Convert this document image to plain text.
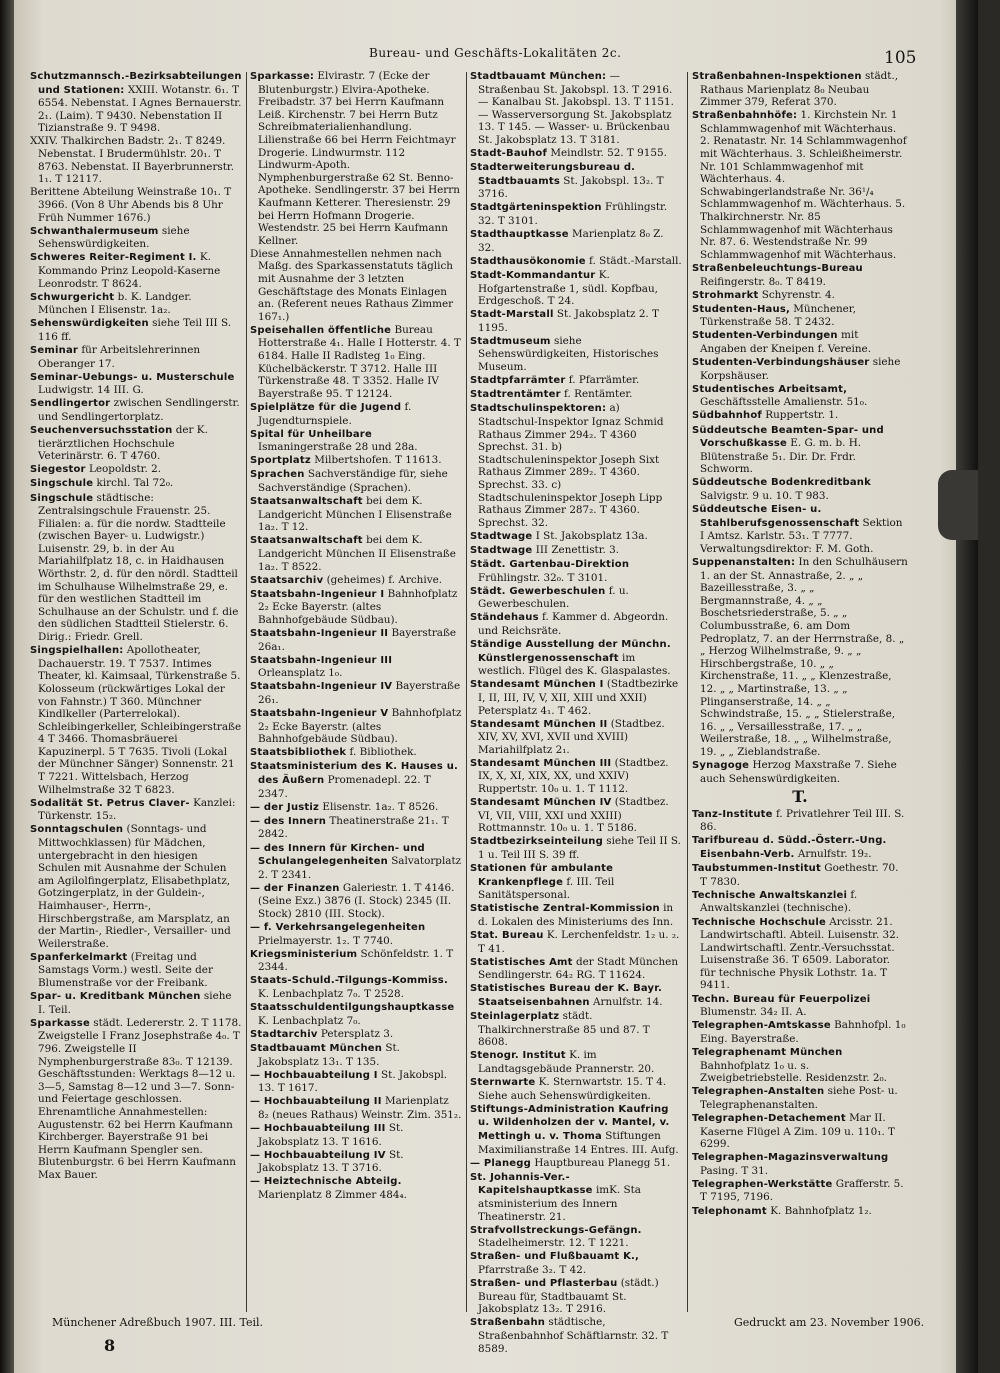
Bureau- und Geschäfts-Lokalitäten 2c.	105
Schutzmannsch.-Bezirksabteilungen und Stationen: XXIII. Wotanstr. 6₁. T 6554. Nebenstat. I Agnes Bernauerstr. 2₁. (Laim). T 9430. Nebenstation II Tizianstraße 9. T 9498.
XXIV. Thalkirchen Badstr. 2₁. T 8249. Nebenstat. I Brudermühlstr. 20₁. T 8763. Nebenstat. II Bayerbrunnerstr. 1₁. T 12117.
Berittene Abteilung Weinstraße 10₁. T 3966. (Von 8 Uhr Abends bis 8 Uhr Früh Nummer 1676.)
Schwanthalermuseum siehe Sehenswürdigkeiten.
Schweres Reiter-Regiment I. K. Kommando Prinz Leopold-Kaserne Leonrodstr. T 8624.
Schwurgericht b. K. Landger. München I Elisenstr. 1a₂.
Sehenswürdigkeiten siehe Teil III S. 116 ff.
Seminar für Arbeitslehrerinnen Oberanger 17.
Seminar-Uebungs- u. Musterschule Ludwigstr. 14 III. G.
Sendlingertor zwischen Sendlingerstr. und Sendlingertorplatz.
Seuchenversuchsstation der K. tierärztlichen Hochschule Veterinärstr. 6. T 4760.
Siegestor Leopoldstr. 2.
Singschule kirchl. Tal 72₀.
Singschule städtische: Zentralsingschule Frauenstr. 25. Filialen: a. für die nordw. Stadtteile (zwischen Bayer- u. Ludwigstr.) Luisenstr. 29, b. in der Au Mariahilfplatz 18, c. in Haidhausen Wörthstr. 2, d. für den nördl. Stadtteil im Schulhause Wilhelmstraße 29, e. für den westlichen Stadtteil im Schulhause an der Schulstr. und f. die den südlichen Stadtteil Stielerstr. 6. Dirig.: Friedr. Grell.
Singspielhallen: Apollotheater, Dachauerstr. 19. T 7537. Intimes Theater, kl. Kaimsaal, Türkenstraße 5. Kolosseum (rückwärtiges Lokal der von Fahnstr.) T 360. Münchner Kindlkeller (Parterrelokal). Schleibingerkeller, Schleibingerstraße 4 T 3466. Thomasbräuerei Kapuzinerpl. 5 T 7635. Tivoli (Lokal der Münchner Sänger) Sonnenstr. 21 T 7221. Wittelsbach, Herzog Wilhelmstraße 32 T 6823.
Sodalität St. Petrus Claver- Kanzlei: Türkenstr. 15₂.
Sonntagschulen (Sonntags- und Mittwochklassen) für Mädchen, untergebracht in den hiesigen Schulen mit Ausnahme der Schulen am Agilolfingerplatz, Elisabethplatz, Gotzingerplatz, in der Guldein-, Haimhauser-, Herrn-, Hirschbergstraße, am Marsplatz, an der Martin-, Riedler-, Versailler- und Weilerstraße.
Spanferkelmarkt (Freitag und Samstags Vorm.) westl. Seite der Blumenstraße vor der Freibank.
Spar- u. Kreditbank München siehe I. Teil.
Sparkasse städt. Ledererstr. 2. T 1178. Zweigstelle I Franz Josephstraße 4₀. T 796. Zweigstelle II Nymphenburgerstraße 83₀. T 12139. Geschäftsstunden: Werktags 8—12 u. 3—5, Samstag 8—12 und 3—7. Sonn- und Feiertage geschlossen. Ehrenamtliche Annahmestellen: Augustenstr. 62 bei Herrn Kaufmann Kirchberger. Bayerstraße 91 bei Herrn Kaufmann Spengler sen. Blutenburgstr. 6 bei Herrn Kaufmann Max Bauer.
Sparkasse: Elvirastr. 7 (Ecke der Blutenburgstr.) Elvira-Apotheke. Freibadstr. 37 bei Herrn Kaufmann Leiß. Kirchenstr. 7 bei Herrn Butz Schreibmaterialienhandlung. Lilienstraße 66 bei Herrn Feichtmayr Drogerie. Lindwurmstr. 112 Lindwurm-Apoth. Nymphenburgerstraße 62 St. Benno-Apotheke. Sendlingerstr. 37 bei Herrn Kaufmann Ketterer. Theresienstr. 29 bei Herrn Hofmann Drogerie. Westendstr. 25 bei Herrn Kaufmann Kellner.
Diese Annahmestellen nehmen nach Maßg. des Sparkassenstatuts täglich mit Ausnahme der 3 letzten Geschäftstage des Monats Einlagen an. (Referent neues Rathaus Zimmer 167₁.)
Speisehallen öffentliche Bureau Hotterstraße 4₁. Halle I Hotterstr. 4. T 6184. Halle II Radlsteg 1₀ Eing. Küchelbäckerstr. T 3712. Halle III Türkenstraße 48. T 3352. Halle IV Bayerstraße 95. T 12124.
Spielplätze für die Jugend f. Jugendturnspiele.
Spital für Unheilbare Ismaningerstraße 28 und 28a.
Sportplatz Milbertshofen. T 11613.
Sprachen Sachverständige für, siehe Sachverständige (Sprachen).
Staatsanwaltschaft bei dem K. Landgericht München I Elisenstraße 1a₂. T 12.
Staatsanwaltschaft bei dem K. Landgericht München II Elisenstraße 1a₂. T 8522.
Staatsarchiv (geheimes) f. Archive.
Staatsbahn-Ingenieur I Bahnhofplatz 2₂ Ecke Bayerstr. (altes Bahnhofgebäude Südbau).
Staatsbahn-Ingenieur II Bayerstraße 26a₁.
Staatsbahn-Ingenieur III Orleansplatz 1₀.
Staatsbahn-Ingenieur IV Bayerstraße 26₁.
Staatsbahn-Ingenieur V Bahnhofplatz 2₂ Ecke Bayerstr. (altes Bahnhofgebäude Südbau).
Staatsbibliothek f. Bibliothek.
Staatsministerium des K. Hauses u. des Äußern Promenadepl. 22. T 2347.
— der Justiz Elisenstr. 1a₂. T 8526.
— des Innern Theatinerstraße 21₁. T 2842.
— des Innern für Kirchen- und Schulangelegenheiten Salvatorplatz 2. T 2341.
— der Finanzen Galeriestr. 1. T 4146. (Seine Exz.) 3876 (I. Stock) 2345 (II. Stock) 2810 (III. Stock).
— f. Verkehrsangelegenheiten Prielmayerstr. 1₂. T 7740.
Kriegsministerium Schönfeldstr. 1. T 2344.
Staats-Schuld.-Tilgungs-Kommiss. K. Lenbachplatz 7₀. T 2528.
Staatsschuldentilgungshauptkasse K. Lenbachplatz 7₀.
Stadtarchiv Petersplatz 3.
Stadtbauamt München St. Jakobsplatz 13₁. T 135.
— Hochbauabteilung I St. Jakobspl. 13. T 1617.
— Hochbauabteilung II Marienplatz 8₂ (neues Rathaus) Weinstr. Zim. 351₂.
— Hochbauabteilung III St. Jakobsplatz 13. T 1616.
— Hochbauabteilung IV St. Jakobsplatz 13. T 3716.
— Heiztechnische Abteilg. Marienplatz 8 Zimmer 484₄.
Stadtbauamt München: — Straßenbau St. Jakobspl. 13. T 2916. — Kanalbau St. Jakobspl. 13. T 1151. — Wasserversorgung St. Jakobsplatz 13. T 145. — Wasser- u. Brückenbau St. Jakobsplatz 13. T 3181.
Stadt-Bauhof Meindlstr. 52. T 9155.
Stadterweiterungsbureau d. Stadtbauamts St. Jakobspl. 13₂. T 3716.
Stadtgärteninspektion Frühlingstr. 32. T 3101.
Stadthauptkasse Marienplatz 8₀ Z. 32.
Stadthausökonomie f. Städt.-Marstall.
Stadt-Kommandantur K. Hofgartenstraße 1, südl. Kopfbau, Erdgeschoß. T 24.
Stadt-Marstall St. Jakobsplatz 2. T 1195.
Stadtmuseum siehe Sehenswürdigkeiten, Historisches Museum.
Stadtpfarrämter f. Pfarrämter.
Stadtrentämter f. Rentämter.
Stadtschulinspektoren: a) Stadtschul-Inspektor Ignaz Schmid Rathaus Zimmer 294₂. T 4360 Sprechst. 31. b) Stadtschuleninspektor Joseph Sixt Rathaus Zimmer 289₂. T 4360. Sprechst. 33. c) Stadtschuleninspektor Joseph Lipp Rathaus Zimmer 287₂. T 4360. Sprechst. 32.
Stadtwage I St. Jakobsplatz 13a.
Stadtwage III Zenettistr. 3.
Städt. Gartenbau-Direktion Frühlingstr. 32₀. T 3101.
Städt. Gewerbeschulen f. u. Gewerbeschulen.
Ständehaus f. Kammer d. Abgeordn. und Reichsräte.
Ständige Ausstellung der Münchn. Künstlergenossenschaft im westlich. Flügel des K. Glaspalastes.
Standesamt München I (Stadtbezirke I, II, III, IV, V, XII, XIII und XXII) Petersplatz 4₁. T 462.
Standesamt München II (Stadtbez. XIV, XV, XVI, XVII und XVIII) Mariahilfplatz 2₁.
Standesamt München III (Stadtbez. IX, X, XI, XIX, XX, und XXIV) Ruppertstr. 10₀ u. 1. T 1112.
Standesamt München IV (Stadtbez. VI, VII, VIII, XXI und XXIII) Rottmannstr. 10₀ u. 1. T 5186.
Stadtbezirkseinteilung siehe Teil II S. 1 u. Teil III S. 39 ff.
Stationen für ambulante Krankenpflege f. III. Teil Sanitätspersonal.
Statistische Zentral-Kommission in d. Lokalen des Ministeriums des Inn.
Stat. Bureau K. Lerchenfeldstr. 1₂ u. ₂. T 41.
Statistisches Amt der Stadt München Sendlingerstr. 64₂ RG. T 11624.
Statistisches Bureau der K. Bayr. Staatseisenbahnen Arnulfstr. 14.
Steinlagerplatz städt. Thalkirchnerstraße 85 und 87. T 8608.
Stenogr. Institut K. im Landtagsgebäude Prannerstr. 20.
Sternwarte K. Sternwartstr. 15. T 4. Siehe auch Sehenswürdigkeiten.
Stiftungs-Administration Kaufring u. Wildenholzen der v. Mantel, v. Mettingh u. v. Thoma Stiftungen Maximilianstraße 14 Entres. III. Aufg.
— Planegg Hauptbureau Planegg 51.
St. Johannis-Ver.-Kapitelshauptkasse imK. Sta atsministerium des Innern Theatinerstr. 21.
Strafvollstreckungs-Gefängn. Stadelheimerstr. 12. T 1221.
Straßen- und Flußbauamt K., Pfarrstraße 3₂. T 42.
Straßen- und Pflasterbau (städt.) Bureau für, Stadtbauamt St. Jakobsplatz 13₂. T 2916.
Straßenbahn städtische, Straßenbahnhof Schäftlarnstr. 32. T 8589.
Straßenbahnen-Inspektionen städt., Rathaus Marienplatz 8₀ Neubau Zimmer 379, Referat 370.
Straßenbahnhöfe: 1. Kirchstein Nr. 1 Schlammwagenhof mit Wächterhaus. 2. Renatastr. Nr. 14 Schlammwagenhof mit Wächterhaus. 3. Schleißheimerstr. Nr. 101 Schlammwagenhof mit Wächterhaus. 4. Schwabingerlandstraße Nr. 36¹/₄ Schlammwagenhof m. Wächterhaus. 5. Thalkirchnerstr. Nr. 85 Schlammwagenhof mit Wächterhaus Nr. 87. 6. Westendstraße Nr. 99 Schlammwagenhof mit Wächterhaus.
Straßenbeleuchtungs-Bureau Reifingerstr. 8₀. T 8419.
Strohmarkt Schyrenstr. 4.
Studenten-Haus, Münchener, Türkenstraße 58. T 2432.
Studenten-Verbindungen mit Angaben der Kneipen f. Vereine.
Studenten-Verbindungshäuser siehe Korpshäuser.
Studentisches Arbeitsamt, Geschäftsstelle Amalienstr. 51₀.
Südbahnhof Ruppertstr. 1.
Süddeutsche Beamten-Spar- und Vorschußkasse E. G. m. b. H. Blütenstraße 5₁. Dir. Dr. Frdr. Schworm.
Süddeutsche Bodenkreditbank Salvigstr. 9 u. 10. T 983.
Süddeutsche Eisen- u. Stahlberufsgenossenschaft Sektion I Amtsz. Karlstr. 53₁. T 7777. Verwaltungsdirektor: F. M. Goth.
Suppenanstalten: In den Schulhäusern 1. an der St. Annastraße, 2. „ „ Bazeillesstraße, 3. „ „ Bergmannstraße, 4. „ „ Boschetsriederstraße, 5. „ „ Columbusstraße, 6. am Dom Pedroplatz, 7. an der Herrnstraße, 8. „ „ Herzog Wilhelmstraße, 9. „ „ Hirschbergstraße, 10. „ „ Kirchenstraße, 11. „ „ Klenzestraße, 12. „ „ Martinstraße, 13. „ „ Plinganserstraße, 14. „ „ Schwindstraße, 15. „ „ Stielerstraße, 16. „ „ Versaillesstraße, 17. „ „ Weilerstraße, 18. „ „ Wilhelmstraße, 19. „ „ Zieblandstraße.
Synagoge Herzog Maxstraße 7. Siehe auch Sehenswürdigkeiten.
T.
Tanz-Institute f. Privatlehrer Teil III. S. 86.
Tarifbureau d. Südd.-Österr.-Ung. Eisenbahn-Verb. Arnulfstr. 19₂.
Taubstummen-Institut Goethestr. 70. T 7830.
Technische Anwaltskanzlei f. Anwaltskanzlei (technische).
Technische Hochschule Arcisstr. 21. Landwirtschaftl. Abteil. Luisenstr. 32. Landwirtschaftl. Zentr.-Versuchsstat. Luisenstraße 36. T 6509. Laborator. für technische Physik Lothstr. 1a. T 9411.
Techn. Bureau für Feuerpolizei Blumenstr. 34₂ II. A.
Telegraphen-Amtskasse Bahnhofpl. 1₀ Eing. Bayerstraße.
Telegraphenamt München Bahnhofplatz 1₀ u. s. Zweigbetriebstelle. Residenzstr. 2₀.
Telegraphen-Anstalten siehe Post- u. Telegraphenanstalten.
Telegraphen-Detachement Mar II. Kaserne Flügel A Zim. 109 u. 110₁. T 6299.
Telegraphen-Magazinsverwaltung Pasing. T 31.
Telegraphen-Werkstätte Grafferstr. 5. T 7195, 7196.
Telephonamt K. Bahnhofplatz 1₂.
Münchener Adreßbuch 1907. III. Teil.
8
Gedruckt am 23. November 1906.
